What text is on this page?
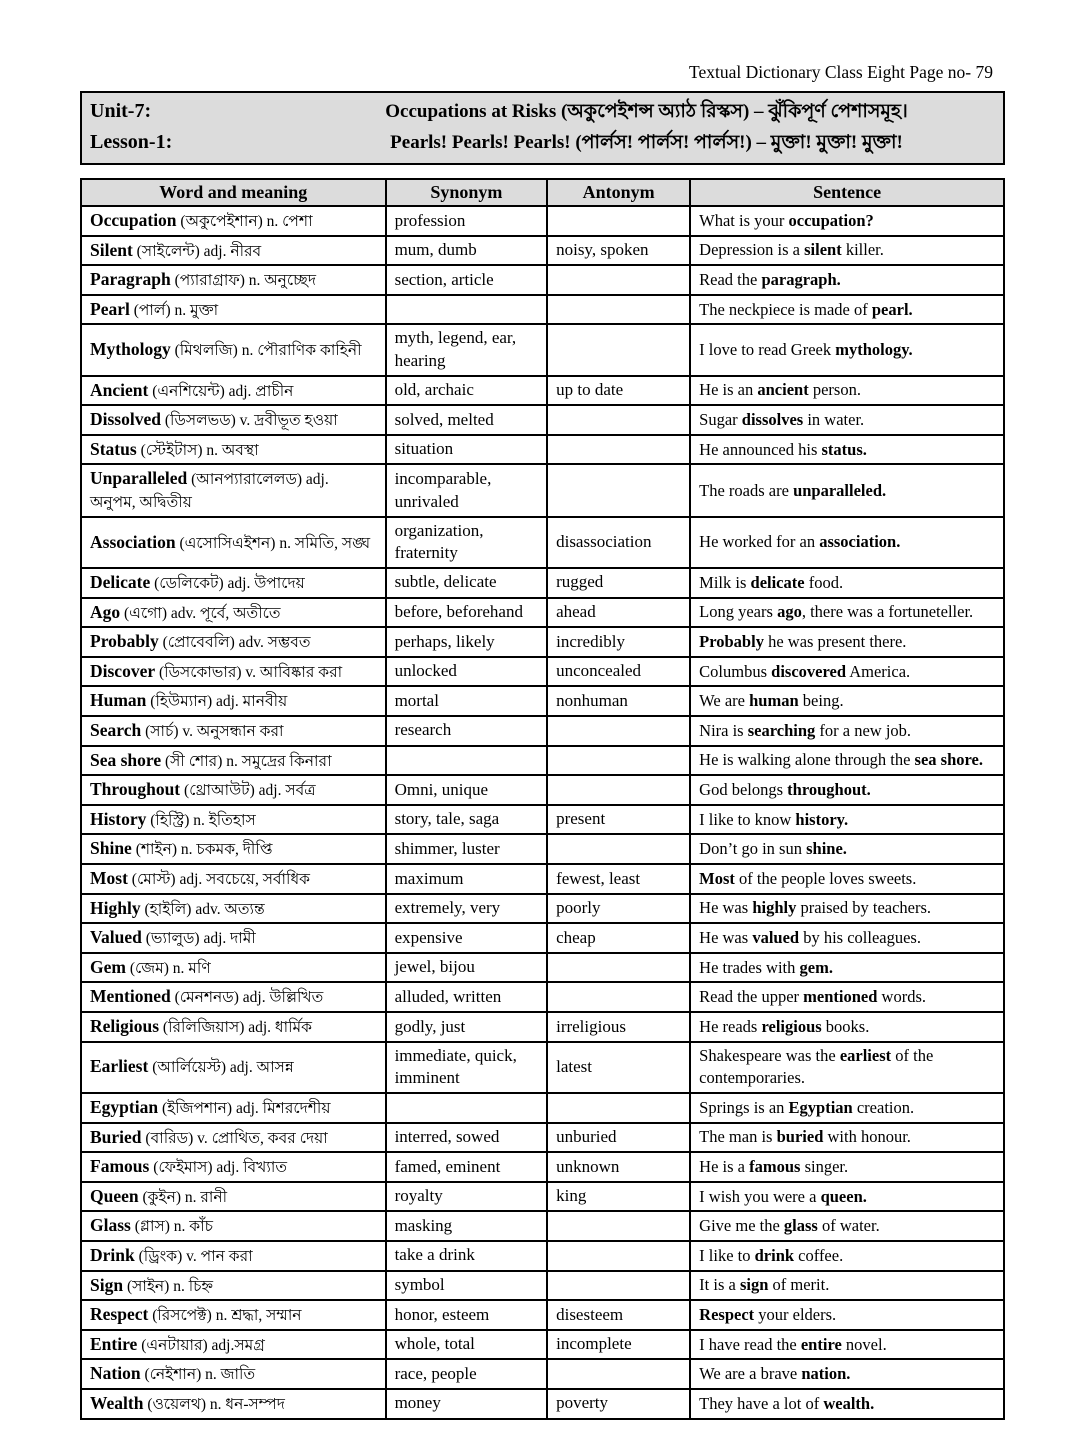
Textual Dictionary Class Eight Page no- 79
Unit-7:	Occupations at Risks (অকুপেইশন্স অ্যাঠ রিস্কস) – ঝুঁকিপূর্ণ পেশাসমূহ।
Lesson-1:	Pearls! Pearls! Pearls! (পার্লস! পার্লস! পার্লস!) – মুক্তা! মুক্তা! মুক্তা!
Word and meaning	Synonym	Antonym	Sentence
Occupation (অকুপেইশান) n. পেশা	profession		What is your occupation?
Silent (সাইলেন্ট) adj. নীরব	mum, dumb	noisy, spoken	Depression is a silent killer.
Paragraph (প্যারাগ্রাফ) n. অনুচ্ছেদ	section, article		Read the paragraph.
Pearl (পার্ল) n. মুক্তা			The neckpiece is made of pearl.
Mythology (মিথলজি) n. পৌরাণিক কাহিনী	myth, legend, ear, hearing		I love to read Greek mythology.
Ancient (এনশিয়েন্ট) adj. প্রাচীন	old, archaic	up to date	He is an ancient person.
Dissolved (ডিসলভড) v. দ্রবীভূত হওয়া	solved, melted		Sugar dissolves in water.
Status (স্টেইটাস) n. অবস্থা	situation		He announced his status.
Unparalleled (আনপ্যারালেলড) adj. অনুপম, অদ্বিতীয়	incomparable, unrivaled		The roads are unparalleled.
Association (এসোসিএইশন) n. সমিতি, সঙ্ঘ	organization, fraternity	disassociation	He worked for an association.
Delicate (ডেলিকেট) adj. উপাদেয়	subtle, delicate	rugged	Milk is delicate food.
Ago (এগো) adv. পূর্বে, অতীতে	before, beforehand	ahead	Long years ago, there was a fortuneteller.
Probably (প্রোবেবলি) adv. সম্ভবত	perhaps, likely	incredibly	Probably he was present there.
Discover (ডিসকোভার) v. আবিষ্কার করা	unlocked	unconcealed	Columbus discovered America.
Human (হিউম্যান) adj. মানবীয়	mortal	nonhuman	We are human being.
Search (সার্চ) v. অনুসন্ধান করা	research		Nira is searching for a new job.
Sea shore (সী শোর) n. সমুদ্রের কিনারা			He is walking alone through the sea shore.
Throughout (থ্রোআউট) adj. সর্বত্র	Omni, unique		God belongs throughout.
History (হিস্ট্রি) n. ইতিহাস	story, tale, saga	present	I like to know history.
Shine (শাইন) n. চকমক, দীপ্তি	shimmer, luster		Don’t go in sun shine.
Most (মোস্ট) adj. সবচেয়ে, সর্বাধিক	maximum	fewest, least	Most of the people loves sweets.
Highly (হাইলি) adv. অত্যন্ত	extremely, very	poorly	He was highly praised by teachers.
Valued (ভ্যালুড) adj. দামী	expensive	cheap	He was valued by his colleagues.
Gem (জেম) n. মণি	jewel, bijou		He trades with gem.
Mentioned (মেনশনড) adj. উল্লিখিত	alluded, written		Read the upper mentioned words.
Religious (রিলিজিয়াস) adj. ধার্মিক	godly, just	irreligious	He reads religious books.
Earliest (আর্লিয়েস্ট) adj. আসন্ন	immediate, quick, imminent	latest	Shakespeare was the earliest of the contemporaries.
Egyptian (ইজিপশান) adj. মিশরদেশীয়			Springs is an Egyptian creation.
Buried (বারিড) v. প্রোথিত, কবর দেয়া	interred, sowed	unburied	The man is buried with honour.
Famous (ফেইমাস) adj. বিখ্যাত	famed, eminent	unknown	He is a famous singer.
Queen (কুইন) n. রানী	royalty	king	I wish you were a queen.
Glass (গ্লাস) n. কাঁচ	masking		Give me the glass of water.
Drink (ড্রিংক) v. পান করা	take a drink		I like to drink coffee.
Sign (সাইন) n. চিহ্ন	symbol		It is a sign of merit.
Respect (রিসপেক্ট) n. শ্রদ্ধা, সম্মান	honor, esteem	disesteem	Respect your elders.
Entire (এনটায়ার) adj.সমগ্র	whole, total	incomplete	I have read the entire novel.
Nation (নেইশান) n. জাতি	race, people		We are a brave nation.
Wealth (ওয়েলথ) n. ধন-সম্পদ	money	poverty	They have a lot of wealth.
